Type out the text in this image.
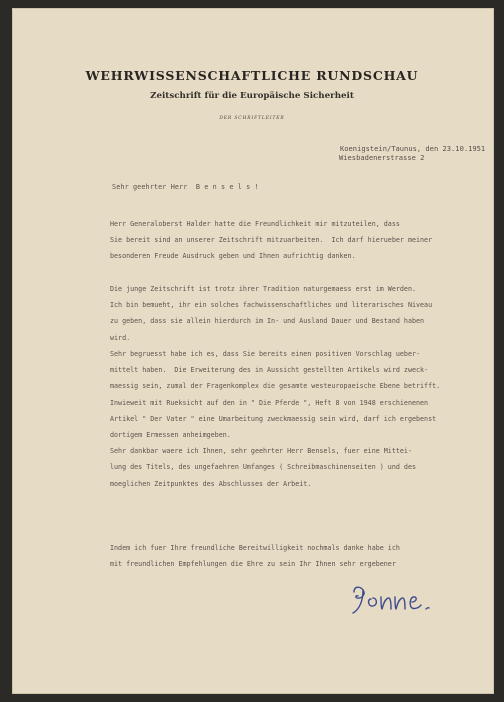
WEHRWISSENSCHAFTLICHE RUNDSCHAU

Zeitschrift für die Europäische Sicherheit

DER SCHRIFTLEITER

Koenigstein/Taunus, den 23.10.1951
Wiesbadenerstrasse 2
Sehr geehrter Herr  B e n s e l s !
Herr Generaloberst Halder hatte die Freundlichkeit mir mitzuteilen, dass
Sie bereit sind an unserer Zeitschrift mitzuarbeiten.  Ich darf hierueber meiner
besonderen Freude Ausdruck geben und Ihnen aufrichtig danken.
Die junge Zeitschrift ist trotz ihrer Tradition naturgemaess erst im Werden.
Ich bin bemueht, ihr ein solches fachwissenschaftliches und literarisches Niveau
zu geben, dass sie allein hierdurch im In- und Ausland Dauer und Bestand haben
wird.
Sehr begruesst habe ich es, dass Sie bereits einen positiven Vorschlag ueber-
mittelt haben.  Die Erweiterung des in Aussicht gestellten Artikels wird zweck-
maessig sein, zumal der Fragenkomplex die gesamte westeuropaeische Ebene betrifft.
Inwieweit mit Rueksicht auf den in " Die Pferde ", Heft 8 von 1948 erschienenen
Artikel " Der Vater " eine Umarbeitung zweckmaessig sein wird, darf ich ergebenst
dortigem Ermessen anheimgeben.
Sehr dankbar waere ich Ihnen, sehr geehrter Herr Bensels, fuer eine Mittei-
lung des Titels, des ungefaehren Umfanges ( Schreibmaschinenseiten ) und des
moeglichen Zeitpunktes des Abschlusses der Arbeit.
Indem ich fuer Ihre freundliche Bereitwilligkeit nochmals danke habe ich
mit freundlichen Empfehlungen die Ehre zu sein Ihr Ihnen sehr ergebener
